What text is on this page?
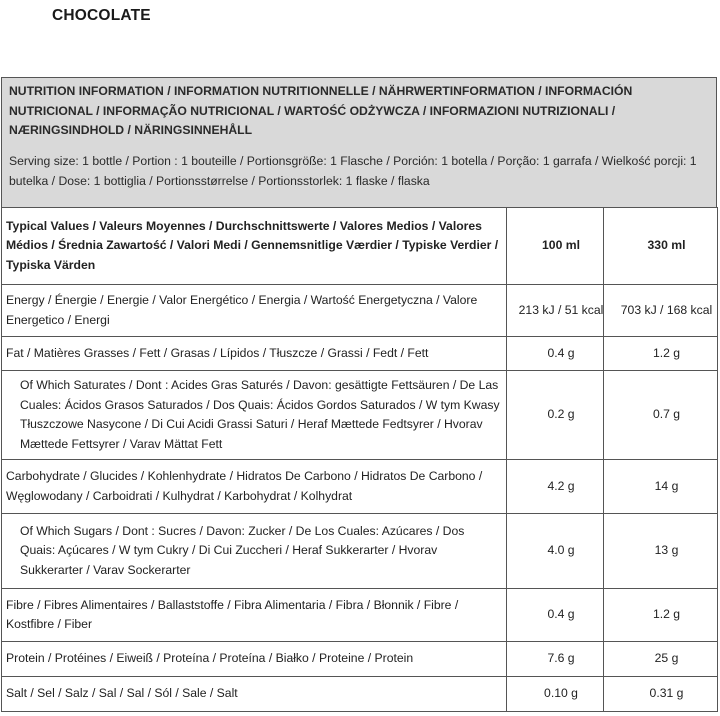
CHOCOLATE
NUTRITION INFORMATION / INFORMATION NUTRITIONNELLE / NÄHRWERTINFORMATION / INFORMACIÓN NUTRICIONAL / INFORMAÇÃO NUTRICIONAL / WARTOŚĆ ODŻYWCZA / INFORMAZIONI NUTRIZIONALI / NÆRINGSINDHOLD / NÄRINGSINNEHÅLL
Serving size: 1 bottle / Portion : 1 bouteille / Portionsgröße: 1 Flasche / Porción: 1 botella / Porção: 1 garrafa / Wielkość porcji: 1 butelka / Dose: 1 bottiglia / Portionsstørrelse / Portionsstorlek: 1 flaske / flaska
Typical Values / Valeurs Moyennes / Durchschnittswerte / Valores Medios / Valores Médios / Średnia Zawartość / Valori Medi / Gennemsnitlige Værdier / Typiske Verdier / Typiska Värden	100 ml	330 ml
Energy / Énergie / Energie / Valor Energético / Energia / Wartość Energetyczna / Valore Energetico / Energi	213 kJ / 51 kcal	703 kJ / 168 kcal
Fat / Matières Grasses / Fett / Grasas / Lípidos / Tłuszcze / Grassi / Fedt / Fett	0.4 g	1.2 g
Of Which Saturates / Dont : Acides Gras Saturés / Davon: gesättigte Fettsäuren / De Las Cuales: Ácidos Grasos Saturados / Dos Quais: Ácidos Gordos Saturados / W tym Kwasy Tłuszczowe Nasycone / Di Cui Acidi Grassi Saturi / Heraf Mættede Fedtsyrer / Hvorav Mættede Fettsyrer / Varav Mättat Fett	0.2 g	0.7 g
Carbohydrate / Glucides / Kohlenhydrate / Hidratos De Carbono / Hidratos De Carbono / Węglowodany / Carboidrati / Kulhydrat / Karbohydrat / Kolhydrat	4.2 g	14 g
Of Which Sugars / Dont : Sucres / Davon: Zucker / De Los Cuales: Azúcares / Dos Quais: Açúcares / W tym Cukry / Di Cui Zuccheri / Heraf Sukkerarter / Hvorav Sukkerarter / Varav Sockerarter	4.0 g	13 g
Fibre / Fibres Alimentaires / Ballaststoffe / Fibra Alimentaria / Fibra / Błonnik / Fibre / Kostfibre / Fiber	0.4 g	1.2 g
Protein / Protéines / Eiweiß / Proteína / Proteína / Białko / Proteine / Protein	7.6 g	25 g
Salt / Sel / Salz / Sal / Sal / Sól / Sale / Salt	0.10 g	0.31 g
